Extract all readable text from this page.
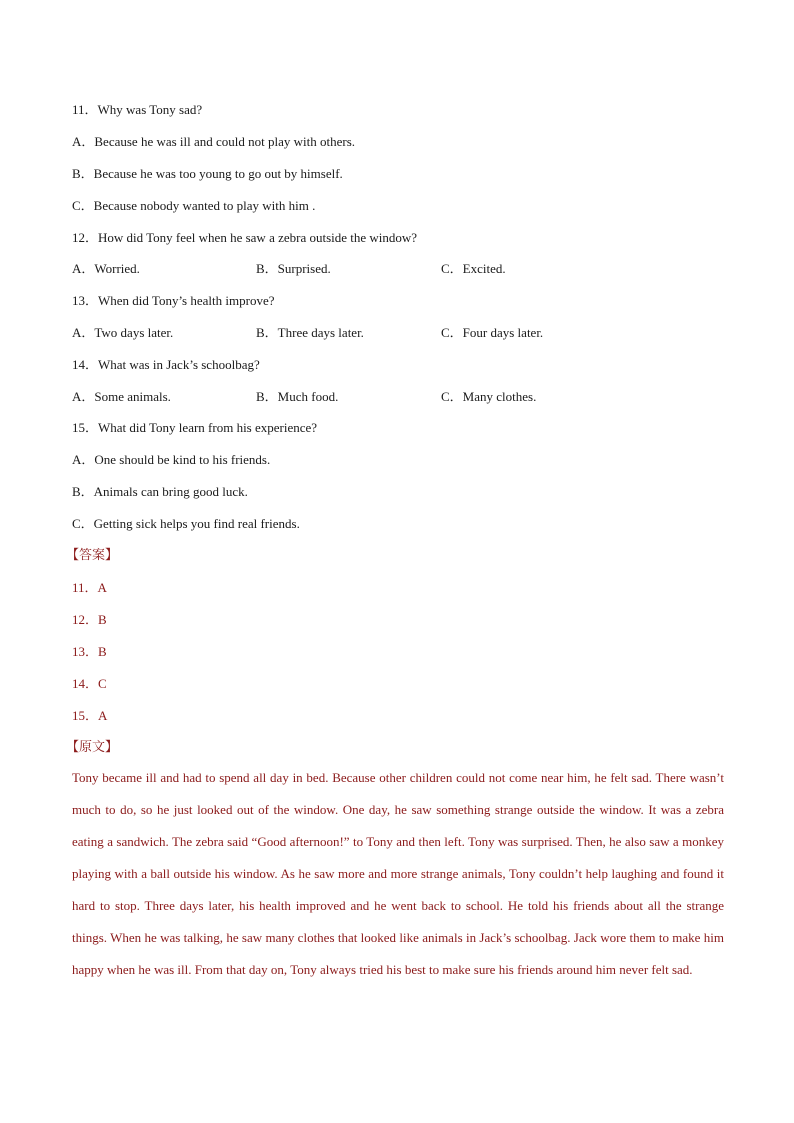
11．Why was Tony sad?
A．Because he was ill and could not play with others.
B．Because he was too young to go out by himself.
C．Because nobody wanted to play with him .
12．How did Tony feel when he saw a zebra outside the window?
A．Worried.	B．Surprised.	C．Excited.
13．When did Tony’s health improve?
A．Two days later.	B．Three days later.	C．Four days later.
14．What was in Jack’s schoolbag?
A．Some animals.	B．Much food.	C．Many clothes.
15．What did Tony learn from his experience?
A．One should be kind to his friends.
B．Animals can bring good luck.
C．Getting sick helps you find real friends.
【答案】
11．A
12．B
13．B
14．C
15．A
【原文】
Tony became ill and had to spend all day in bed. Because other children could not come near him, he felt sad. There wasn’t much to do, so he just looked out of the window. One day, he saw something strange outside the window. It was a zebra eating a sandwich. The zebra said “Good afternoon!” to Tony and then left. Tony was surprised. Then, he also saw a monkey playing with a ball outside his window. As he saw more and more strange animals, Tony couldn’t help laughing and found it hard to stop. Three days later, his health improved and he went back to school. He told his friends about all the strange things. When he was talking, he saw many clothes that looked like animals in Jack’s schoolbag. Jack wore them to make him happy when he was ill. From that day on, Tony always tried his best to make sure his friends around him never felt sad.
